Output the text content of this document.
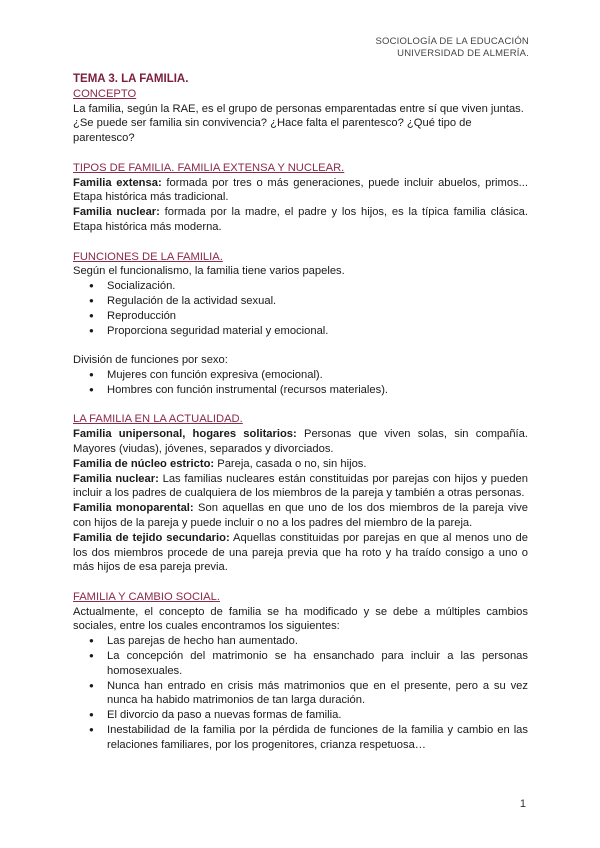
SOCIOLOGÍA DE LA EDUCACIÓN
UNIVERSIDAD DE ALMERÍA.

TEMA 3. LA FAMILIA.

CONCEPTO

La familia, según la RAE, es el grupo de personas emparentadas entre sí que viven juntas. ¿Se puede ser familia sin convivencia? ¿Hace falta el parentesco? ¿Qué tipo de parentesco?

TIPOS DE FAMILIA. FAMILIA EXTENSA Y NUCLEAR.

Familia extensa: formada por tres o más generaciones, puede incluir abuelos, primos... Etapa histórica más tradicional.

Familia nuclear: formada por la madre, el padre y los hijos, es la típica familia clásica. Etapa histórica más moderna.

FUNCIONES DE LA FAMILIA.

Según el funcionalismo, la familia tiene varios papeles.

● Socialización.
● Regulación de la actividad sexual.
● Reproducción
● Proporciona seguridad material y emocional.

División de funciones por sexo:

● Mujeres con función expresiva (emocional).
● Hombres con función instrumental (recursos materiales).

LA FAMILIA EN LA ACTUALIDAD.

Familia unipersonal, hogares solitarios: Personas que viven solas, sin compañía. Mayores (viudas), jóvenes, separados y divorciados.

Familia de núcleo estricto: Pareja, casada o no, sin hijos.

Familia nuclear: Las familias nucleares están constituidas por parejas con hijos y pueden incluir a los padres de cualquiera de los miembros de la pareja y también a otras personas.

Familia monoparental: Son aquellas en que uno de los dos miembros de la pareja vive con hijos de la pareja y puede incluir o no a los padres del miembro de la pareja.

Familia de tejido secundario: Aquellas constituidas por parejas en que al menos uno de los dos miembros procede de una pareja previa que ha roto y ha traído consigo a uno o más hijos de esa pareja previa.

FAMILIA Y CAMBIO SOCIAL.

Actualmente, el concepto de familia se ha modificado y se debe a múltiples cambios sociales, entre los cuales encontramos los siguientes:

● Las parejas de hecho han aumentado.
● La concepción del matrimonio se ha ensanchado para incluir a las personas homosexuales.
● Nunca han entrado en crisis más matrimonios que en el presente, pero a su vez nunca ha habido matrimonios de tan larga duración.
● El divorcio da paso a nuevas formas de familia.
● Inestabilidad de la familia por la pérdida de funciones de la familia y cambio en las relaciones familiares, por los progenitores, crianza respetuosa…
1
